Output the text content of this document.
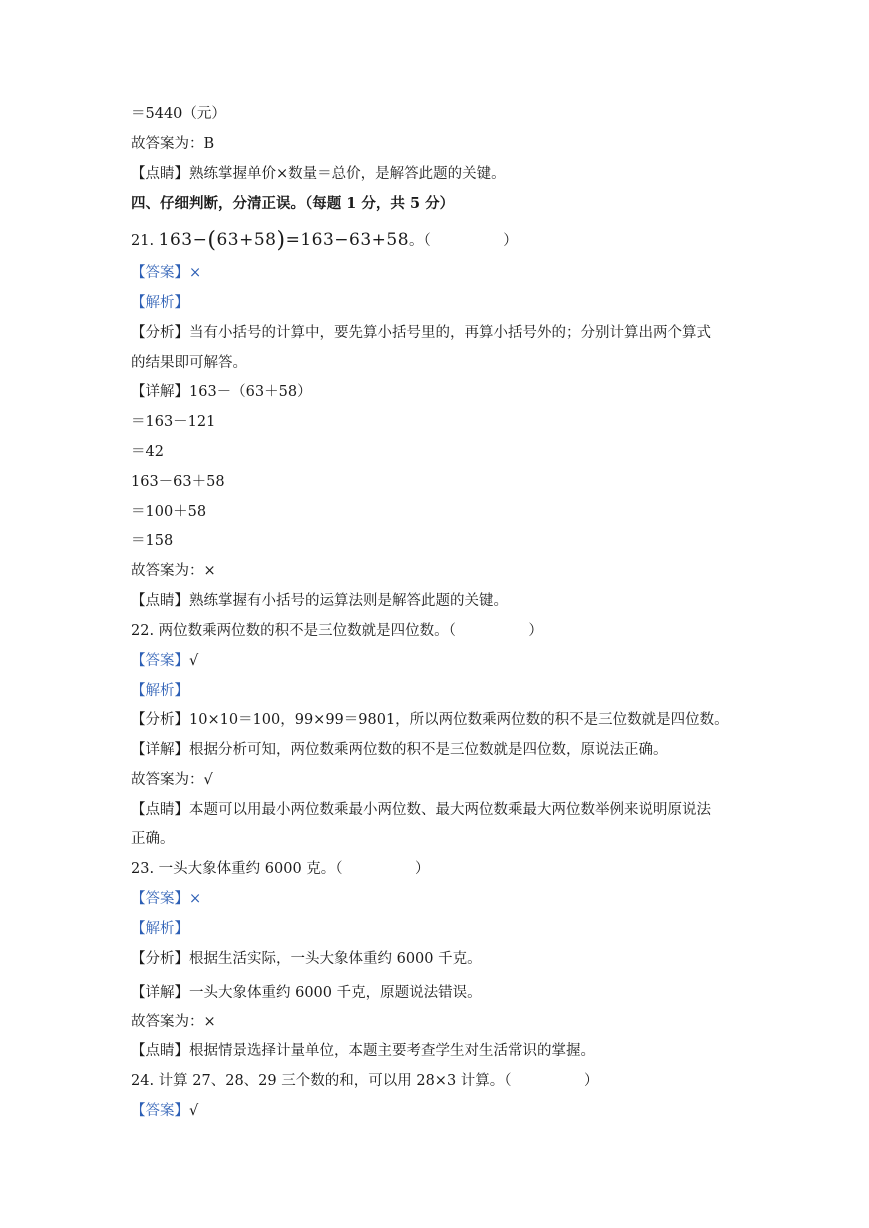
＝5440（元）
故答案为：B
【点睛】熟练掌握单价×数量＝总价，是解答此题的关键。
四、仔细判断，分清正误。（每题 1 分，共 5 分）
21. 163−(63+58)=163−63+58。（　　　　　）
【答案】×
【解析】
【分析】当有小括号的计算中，要先算小括号里的，再算小括号外的；分别计算出两个算式
的结果即可解答。
【详解】163－（63＋58）
＝163－121
＝42
163－63＋58
＝100＋58
＝158
故答案为：×
【点睛】熟练掌握有小括号的运算法则是解答此题的关键。
22. 两位数乘两位数的积不是三位数就是四位数。（　　　　　）
【答案】√
【解析】
【分析】10×10＝100，99×99＝9801，所以两位数乘两位数的积不是三位数就是四位数。
【详解】根据分析可知，两位数乘两位数的积不是三位数就是四位数，原说法正确。
故答案为：√
【点睛】本题可以用最小两位数乘最小两位数、最大两位数乘最大两位数举例来说明原说法
正确。
23. 一头大象体重约 6000 克。（　　　　　）
【答案】×
【解析】
【分析】根据生活实际，一头大象体重约 6000 千克。
【详解】一头大象体重约 6000 千克，原题说法错误。
故答案为：×
【点睛】根据情景选择计量单位，本题主要考查学生对生活常识的掌握。
24. 计算 27、28、29 三个数的和，可以用 28×3 计算。（　　　　　）
【答案】√
